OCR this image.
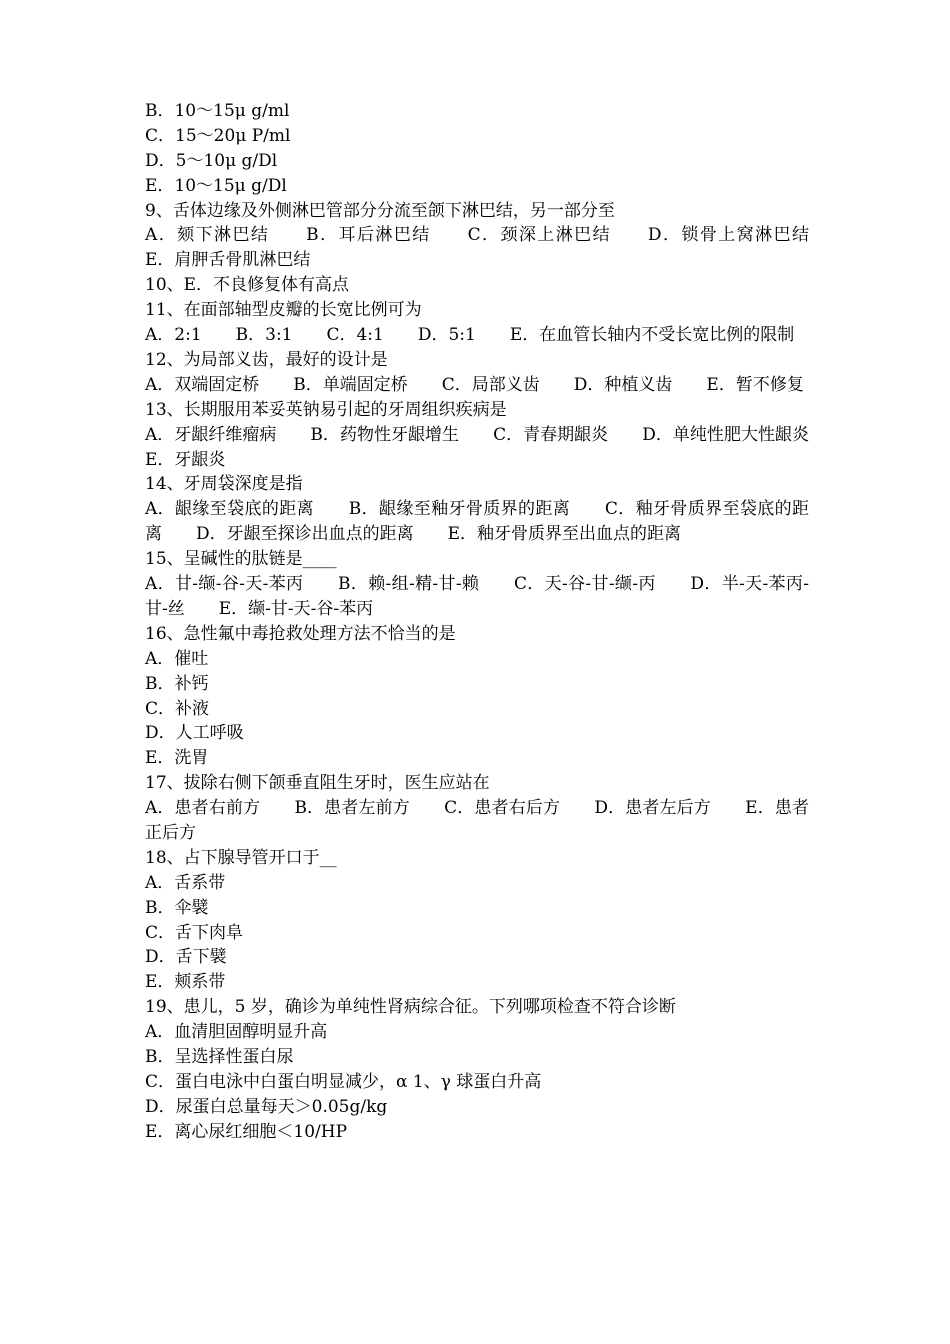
B．10～15μ g/ml
C．15～20μ P/ml
D．5～10μ g/Dl
E．10～15μ g/Dl
9、舌体边缘及外侧淋巴管部分分流至颌下淋巴结，另一部分至
A．颏下淋巴结　　B．耳后淋巴结　　C．颈深上淋巴结　　D．锁骨上窝淋巴结　　E．肩胛舌骨肌淋巴结
10、E．不良修复体有高点
11、在面部轴型皮瓣的长宽比例可为
A．2:1　　B．3:1　　C．4:1　　D．5:1　　E．在血管长轴内不受长宽比例的限制
12、为局部义齿，最好的设计是
A．双端固定桥　　B．单端固定桥　　C．局部义齿　　D．种植义齿　　E．暂不修复
13、长期服用苯妥英钠易引起的牙周组织疾病是
A．牙龈纤维瘤病　　B．药物性牙龈增生　　C．青春期龈炎　　D．单纯性肥大性龈炎　　E．牙龈炎
14、牙周袋深度是指
A．龈缘至袋底的距离　　B．龈缘至釉牙骨质界的距离　　C．釉牙骨质界至袋底的距离　　D．牙龈至探诊出血点的距离　　E．釉牙骨质界至出血点的距离
15、呈碱性的肽链是____
A．甘-缬-谷-天-苯丙　　B．赖-组-精-甘-赖　　C．天-谷-甘-缬-丙　　D．半-天-苯丙-甘-丝　　E．缬-甘-天-谷-苯丙
16、急性氟中毒抢救处理方法不恰当的是
A．催吐
B．补钙
C．补液
D．人工呼吸
E．洗胃
17、拔除右侧下颌垂直阻生牙时，医生应站在
A．患者右前方　　B．患者左前方　　C．患者右后方　　D．患者左后方　　E．患者正后方
18、占下腺导管开口于__
A．舌系带
B．伞襞
C．舌下肉阜
D．舌下襞
E．颊系带
19、患儿，5 岁，确诊为单纯性肾病综合征。下列哪项检查不符合诊断
A．血清胆固醇明显升高
B．呈选择性蛋白尿
C．蛋白电泳中白蛋白明显减少，α 1、γ 球蛋白升高
D．尿蛋白总量每天＞0.05g/kg
E．离心尿红细胞＜10/HP
